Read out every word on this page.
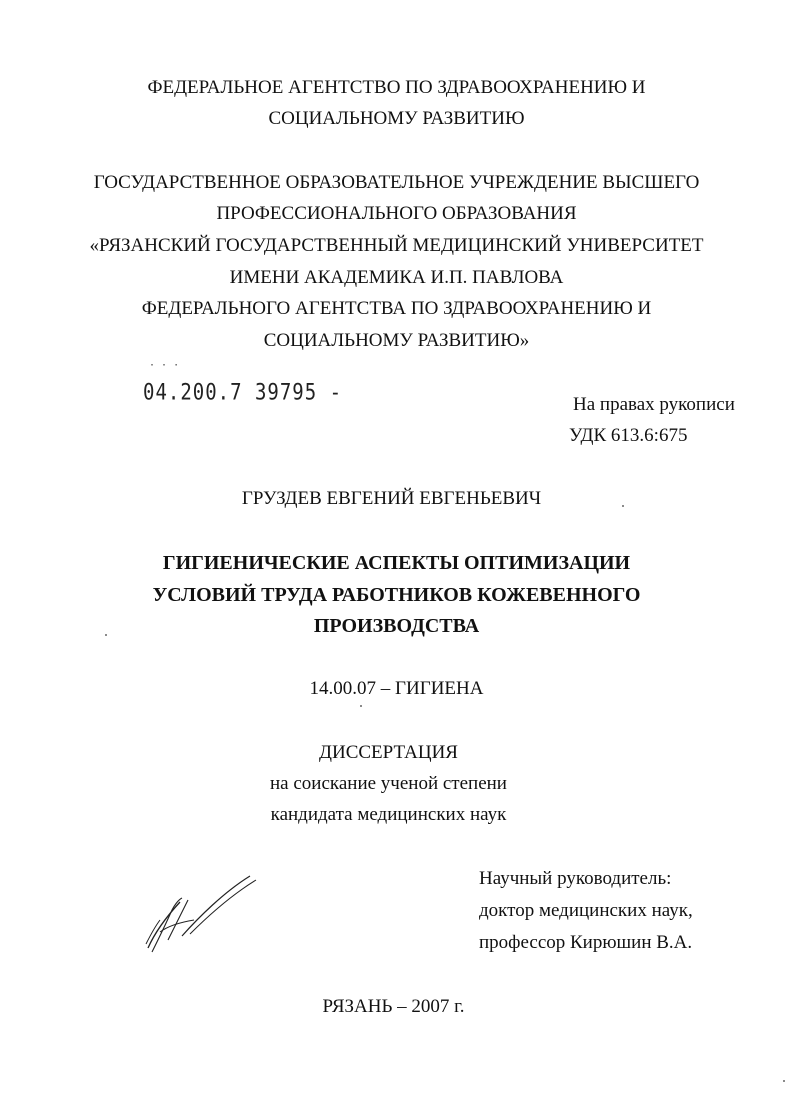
ФЕДЕРАЛЬНОЕ АГЕНТСТВО ПО ЗДРАВООХРАНЕНИЮ И
СОЦИАЛЬНОМУ РАЗВИТИЮ
ГОСУДАРСТВЕННОЕ ОБРАЗОВАТЕЛЬНОЕ УЧРЕЖДЕНИЕ ВЫСШЕГО
ПРОФЕССИОНАЛЬНОГО ОБРАЗОВАНИЯ
«РЯЗАНСКИЙ ГОСУДАРСТВЕННЫЙ МЕДИЦИНСКИЙ УНИВЕРСИТЕТ
ИМЕНИ АКАДЕМИКА И.П. ПАВЛОВА
ФЕДЕРАЛЬНОГО АГЕНТСТВА ПО ЗДРАВООХРАНЕНИЮ И
СОЦИАЛЬНОМУ РАЗВИТИЮ»
· · ·
04.200.7 39795 -	На правах рукописи
УДК 613.6:675
ГРУЗДЕВ ЕВГЕНИЙ ЕВГЕНЬЕВИЧ
ГИГИЕНИЧЕСКИЕ АСПЕКТЫ ОПТИМИЗАЦИИ
УСЛОВИЙ ТРУДА РАБОТНИКОВ КОЖЕВЕННОГО
ПРОИЗВОДСТВА
14.00.07 – ГИГИЕНА
ДИССЕРТАЦИЯ
на соискание ученой степени
кандидата медицинских наук
Научный руководитель:
доктор медицинских наук,
профессор Кирюшин В.А.
РЯЗАНЬ – 2007 г.
